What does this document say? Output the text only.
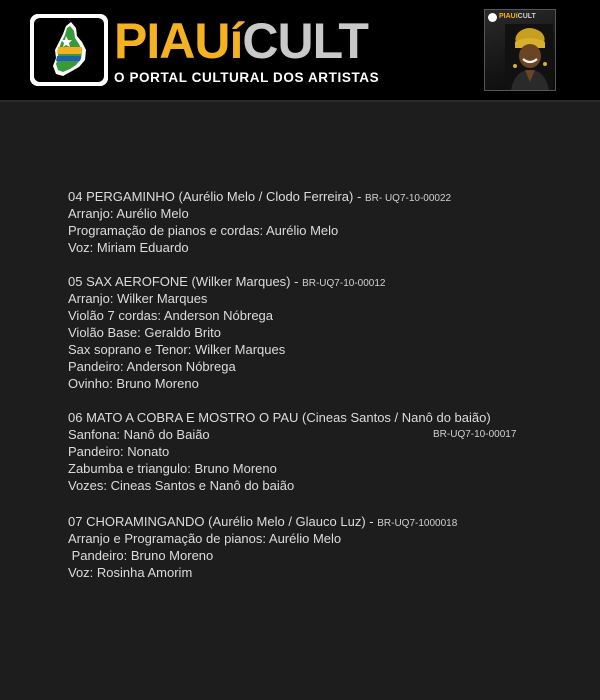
PIAUíCULT
O PORTAL CULTURAL DOS ARTISTAS
PIAUíCULT
04 PERGAMINHO (Aurélio Melo / Clodo Ferreira) - BR- UQ7-10-00022
Arranjo: Aurélio Melo
Programação de pianos e cordas: Aurélio Melo
Voz: Miriam Eduardo
05 SAX AEROFONE (Wilker Marques) - BR-UQ7-10-00012
Arranjo: Wilker Marques
Violão 7 cordas: Anderson Nóbrega
Violão Base: Geraldo Brito
Sax soprano e Tenor: Wilker Marques
Pandeiro: Anderson Nóbrega
Ovinho: Bruno Moreno
06 MATO A COBRA E MOSTRO O PAU (Cineas Santos / Nanô do baião)
Sanfona: Nanô do Baião	BR-UQ7-10-00017
Pandeiro: Nonato
Zabumba e triangulo: Bruno Moreno
Vozes: Cineas Santos e Nanô do baião
07 CHORAMINGANDO (Aurélio Melo / Glauco Luz) - BR-UQ7-1000018
Arranjo e Programação de pianos: Aurélio Melo
Pandeiro: Bruno Moreno
Voz: Rosinha Amorim
